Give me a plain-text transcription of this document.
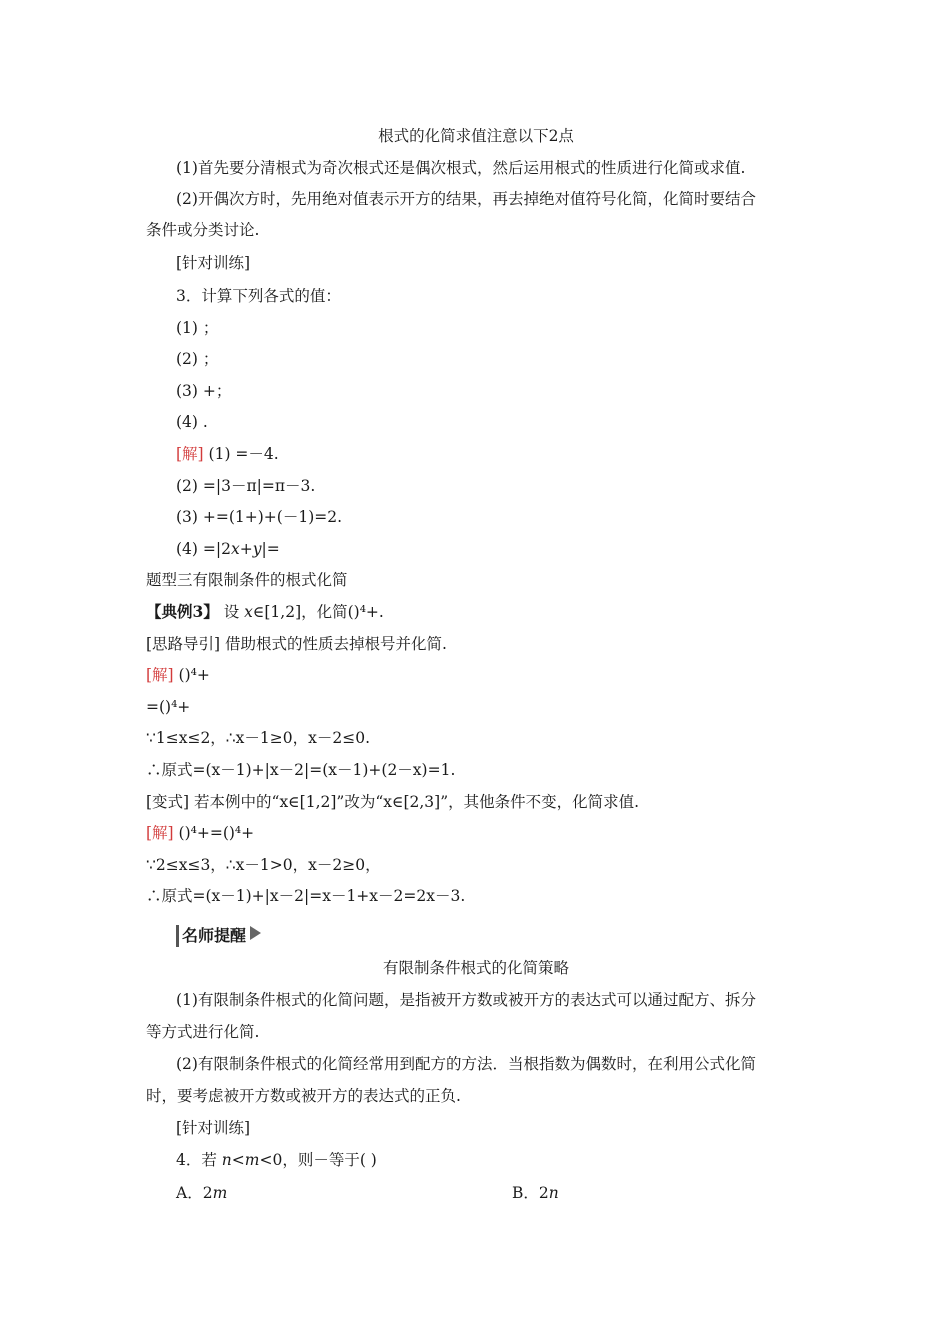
根式的化简求值注意以下2点
(1)首先要分清根式为奇次根式还是偶次根式，然后运用根式的性质进行化简或求值.
(2)开偶次方时，先用绝对值表示开方的结果，再去掉绝对值符号化简，化简时要结合
条件或分类讨论.
[针对训练]
3．计算下列各式的值：
(1) ；
(2) ；
(3) +；
(4) .
[解] (1) =－4.
(2) =|3－π|=π－3.
(3) +=(1+)+(－1)=2.
(4) =|2x+y|=
题型三有限制条件的根式化简
【典例3】 设 x∈[1,2]，化简()⁴+.
[思路导引] 借助根式的性质去掉根号并化简.
[解] ()⁴+
=()⁴+
∵1≤x≤2，∴x－1≥0，x－2≤0.
∴原式=(x－1)+|x－2|=(x－1)+(2－x)=1.
[变式] 若本例中的“x∈[1,2]”改为“x∈[2,3]”，其他条件不变，化简求值.
[解] ()⁴+=()⁴+
∵2≤x≤3，∴x－1>0，x－2≥0，
∴原式=(x－1)+|x－2|=x－1+x－2=2x－3.
名师提醒
有限制条件根式的化简策略
(1)有限制条件根式的化简问题，是指被开方数或被开方的表达式可以通过配方、拆分
等方式进行化简.
(2)有限制条件根式的化简经常用到配方的方法．当根指数为偶数时，在利用公式化简
时，要考虑被开方数或被开方的表达式的正负.
[针对训练]
4．若 n<m<0，则－等于( )
A．2m	B．2n
